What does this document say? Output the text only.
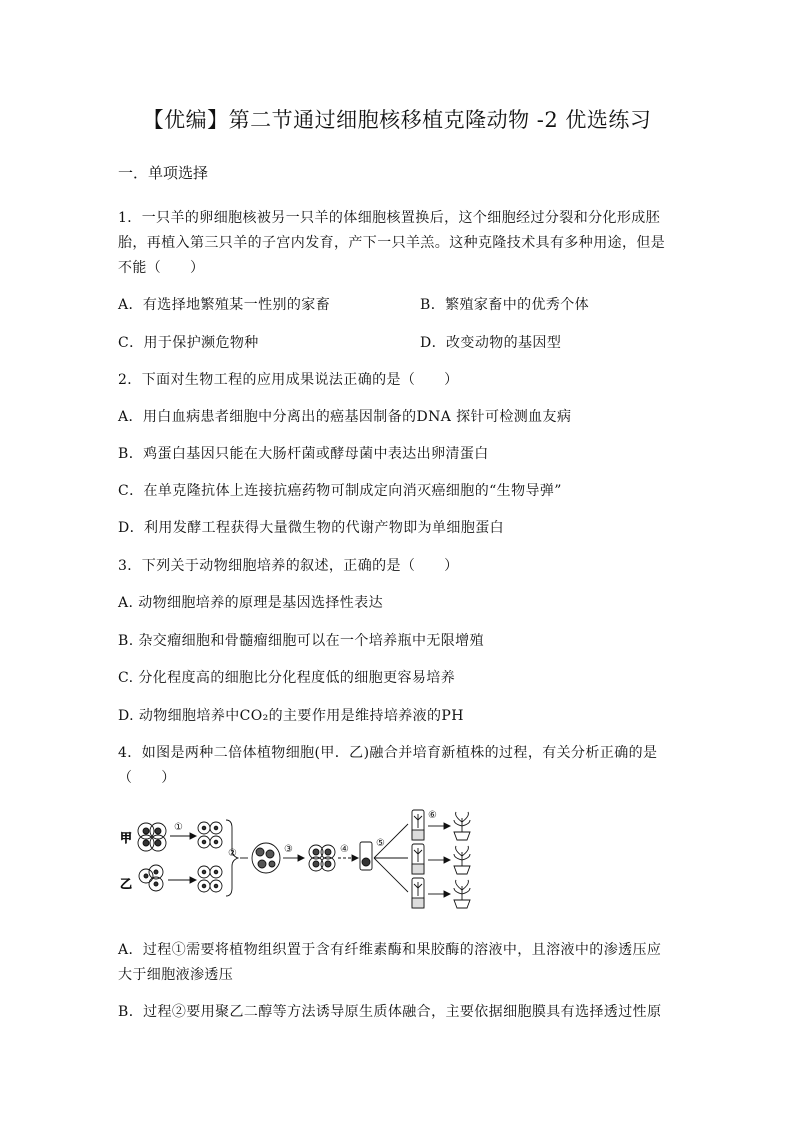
【优编】第二节通过细胞核移植克隆动物 -2 优选练习
一．单项选择
1．一只羊的卵细胞核被另一只羊的体细胞核置换后，这个细胞经过分裂和分化形成胚
胎，再植入第三只羊的子宫内发育，产下一只羊羔。这种克隆技术具有多种用途，但是
不能（　　）
A．有选择地繁殖某一性别的家畜	B．繁殖家畜中的优秀个体
C．用于保护濒危物种	D．改变动物的基因型
2．下面对生物工程的应用成果说法正确的是（　　）
A．用白血病患者细胞中分离出的癌基因制备的DNA 探针可检测血友病
B．鸡蛋白基因只能在大肠杆菌或酵母菌中表达出卵清蛋白
C．在单克隆抗体上连接抗癌药物可制成定向消灭癌细胞的“生物导弹”
D．利用发酵工程获得大量微生物的代谢产物即为单细胞蛋白
3．下列关于动物细胞培养的叙述，正确的是（　　）
A. 动物细胞培养的原理是基因选择性表达
B. 杂交瘤细胞和骨髓瘤细胞可以在一个培养瓶中无限增殖
C. 分化程度高的细胞比分化程度低的细胞更容易培养
D. 动物细胞培养中CO₂的主要作用是维持培养液的PH
4．如图是两种二倍体植物细胞(甲．乙)融合并培育新植株的过程，有关分析正确的是
（　　）
甲
①
乙
②	③	④
⑤
⑥
A．过程①需要将植物组织置于含有纤维素酶和果胶酶的溶液中，且溶液中的渗透压应
大于细胞液渗透压
B．过程②要用聚乙二醇等方法诱导原生质体融合，主要依据细胞膜具有选择透过性原
